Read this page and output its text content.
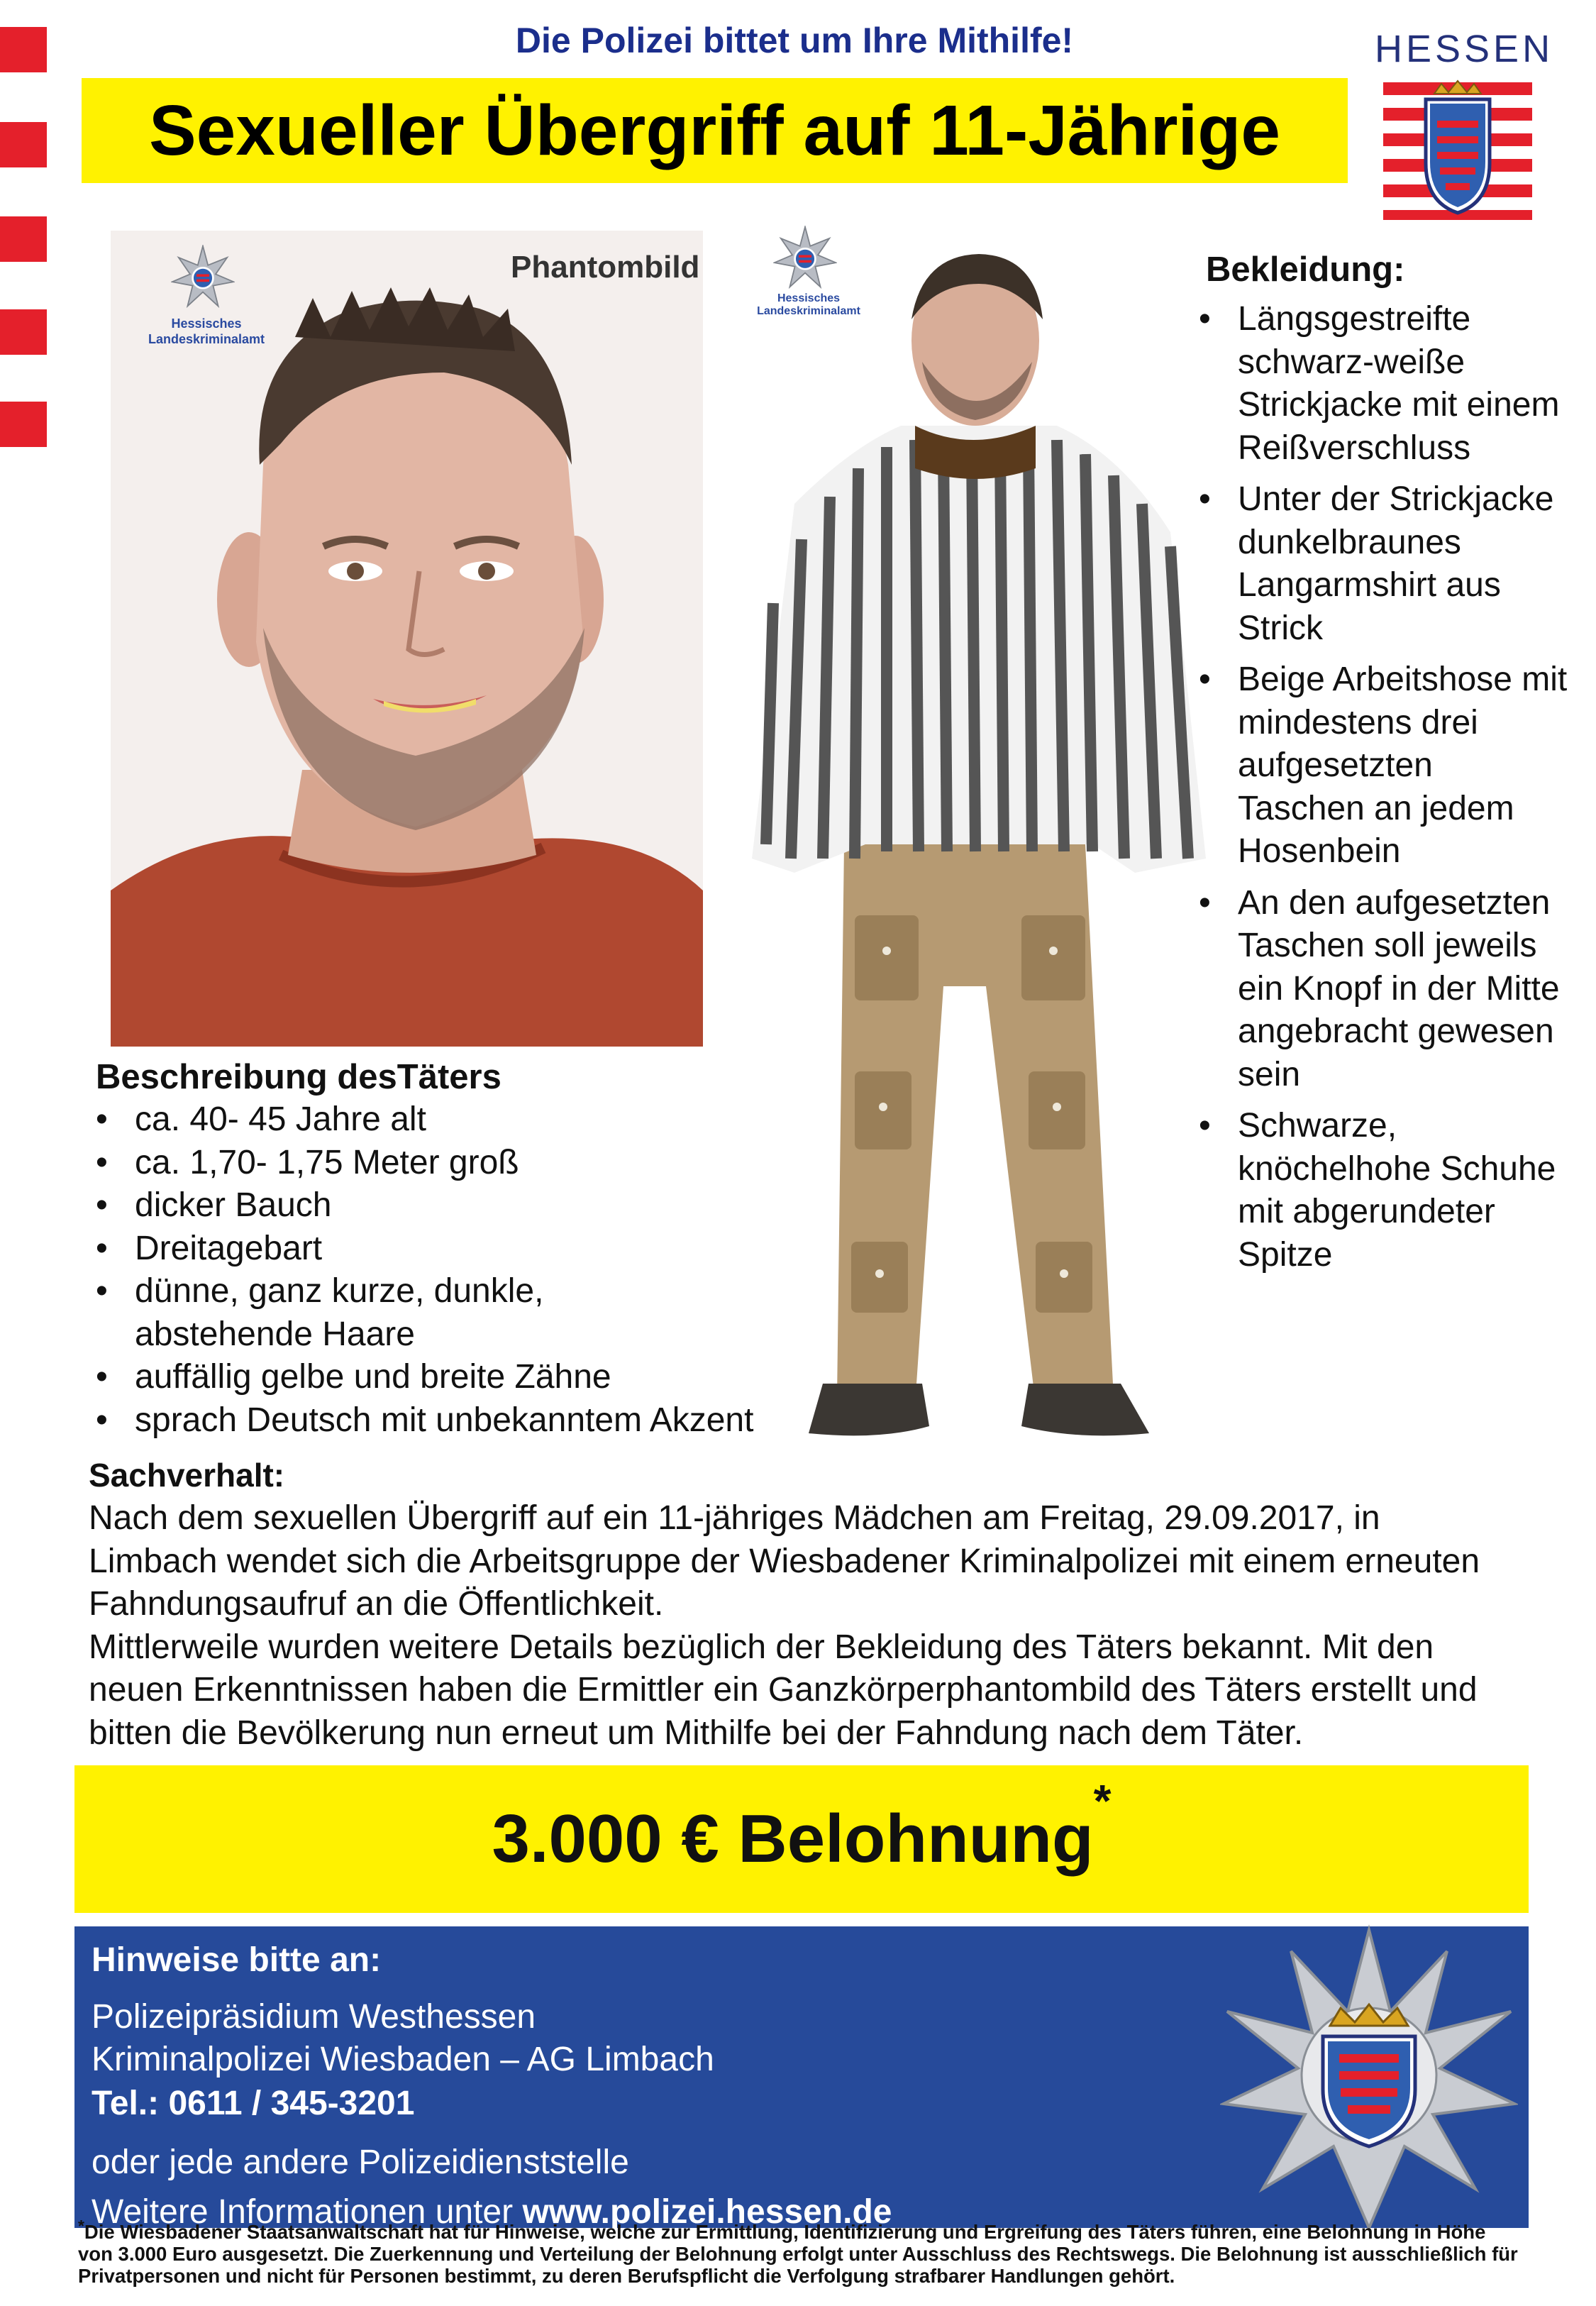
Die Polizei bittet um Ihre Mithilfe!
Sexueller Übergriff auf 11-Jährige
HESSEN
Hessisches
Landeskriminalamt
Phantombild
Hessisches
Landeskriminalamt
Beschreibung desTäters
• ca. 40- 45 Jahre alt
• ca. 1,70- 1,75 Meter groß
• dicker Bauch
• Dreitagebart
• dünne, ganz kurze, dunkle, abstehende Haare
• auffällig gelbe und breite Zähne
• sprach Deutsch mit unbekanntem Akzent
Bekleidung:
• Längsgestreifte schwarz-weiße Strickjacke mit einem Reißverschluss
• Unter der Strickjacke dunkelbraunes Langarmshirt aus Strick
• Beige Arbeitshose mit mindestens drei aufgesetzten Taschen an jedem Hosenbein
• An den aufgesetzten Taschen soll jeweils ein Knopf in der Mitte angebracht gewesen sein
• Schwarze, knöchelhohe Schuhe mit abgerundeter Spitze
Sachverhalt:

Nach dem sexuellen Übergriff auf ein 11-jähriges Mädchen am Freitag, 29.09.2017, in Limbach wendet sich die Arbeitsgruppe der Wiesbadener Kriminalpolizei mit einem erneuten Fahndungsaufruf an die Öffentlichkeit.

Mittlerweile wurden weitere Details bezüglich der Bekleidung des Täters bekannt. Mit den neuen Erkenntnissen haben die Ermittler ein Ganzkörperphantombild des Täters erstellt und bitten die Bevölkerung nun erneut um Mithilfe bei der Fahndung nach dem Täter.

3.000 € Belohnung*
Hinweise bitte an:
Polizeipräsidium Westhessen
Kriminalpolizei Wiesbaden – AG Limbach
Tel.: 0611 / 345-3201
oder jede andere Polizeidienststelle
Weitere Informationen unter www.polizei.hessen.de
*Die Wiesbadener Staatsanwaltschaft hat für Hinweise, welche zur Ermittlung, Identifizierung und Ergreifung des Täters führen, eine Belohnung in Höhe von 3.000 Euro ausgesetzt. Die Zuerkennung und Verteilung der Belohnung erfolgt unter Ausschluss des Rechtswegs. Die Belohnung ist ausschließlich für Privatpersonen und nicht für Personen bestimmt, zu deren Berufspflicht die Verfolgung strafbarer Handlungen gehört.
